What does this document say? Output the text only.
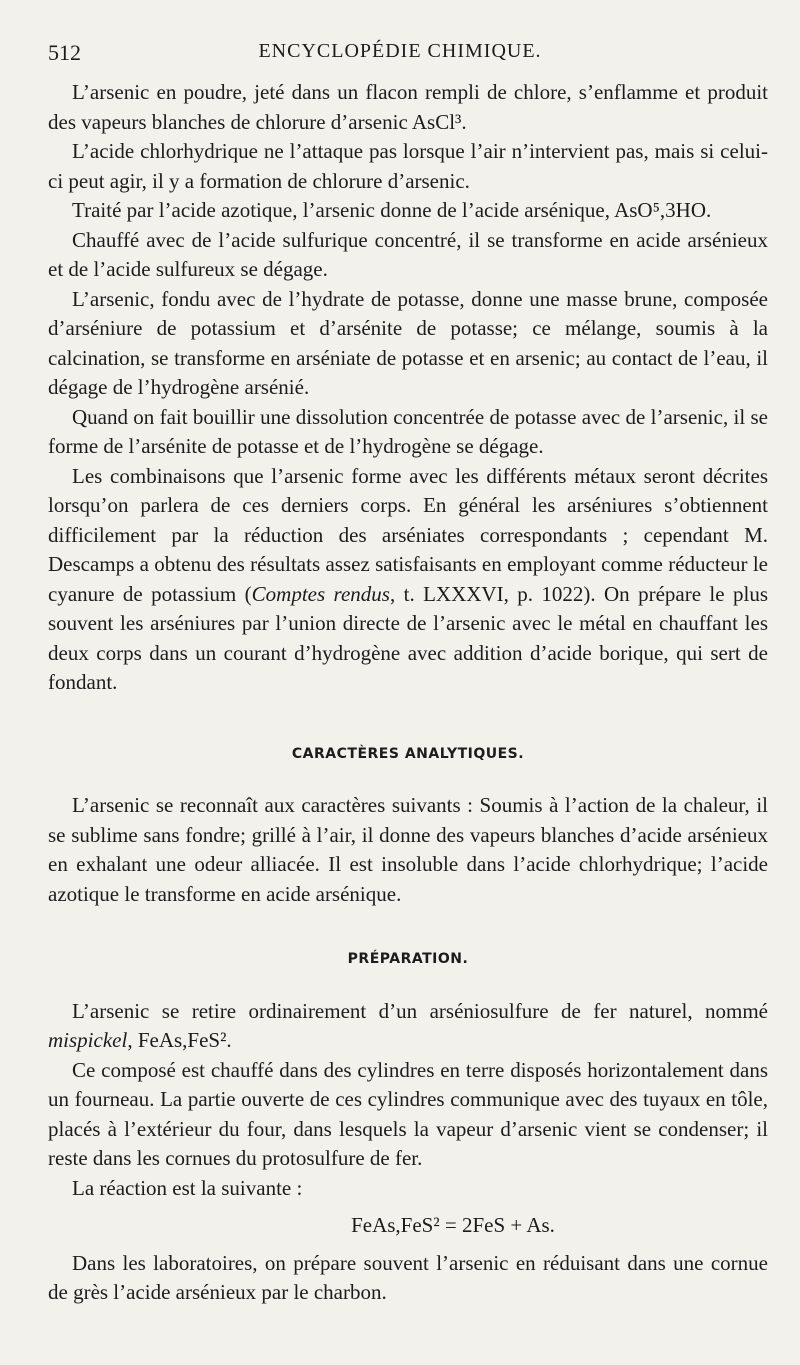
512	ENCYCLOPÉDIE CHIMIQUE.

L’arsenic en poudre, jeté dans un flacon rempli de chlore, s’enflamme et produit des vapeurs blanches de chlorure d’arsenic AsCl³.

L’acide chlorhydrique ne l’attaque pas lorsque l’air n’intervient pas, mais si celui-ci peut agir, il y a formation de chlorure d’arsenic.

Traité par l’acide azotique, l’arsenic donne de l’acide arsénique, AsO⁵,3HO.

Chauffé avec de l’acide sulfurique concentré, il se transforme en acide arsénieux et de l’acide sulfureux se dégage.

L’arsenic, fondu avec de l’hydrate de potasse, donne une masse brune, composée d’arséniure de potassium et d’arsénite de potasse; ce mélange, soumis à la calcination, se transforme en arséniate de potasse et en arsenic; au contact de l’eau, il dégage de l’hydrogène arsénié.

Quand on fait bouillir une dissolution concentrée de potasse avec de l’arsenic, il se forme de l’arsénite de potasse et de l’hydrogène se dégage.

Les combinaisons que l’arsenic forme avec les différents métaux seront décrites lorsqu’on parlera de ces derniers corps. En général les arséniures s’obtiennent difficilement par la réduction des arséniates correspondants ; cependant M. Descamps a obtenu des résultats assez satisfaisants en employant comme réducteur le cyanure de potassium (Comptes rendus, t. LXXXVI, p. 1022). On prépare le plus souvent les arséniures par l’union directe de l’arsenic avec le métal en chauffant les deux corps dans un courant d’hydrogène avec addition d’acide borique, qui sert de fondant.

CARACTÈRES ANALYTIQUES.

L’arsenic se reconnaît aux caractères suivants : Soumis à l’action de la chaleur, il se sublime sans fondre; grillé à l’air, il donne des vapeurs blanches d’acide arsénieux en exhalant une odeur alliacée. Il est insoluble dans l’acide chlorhydrique; l’acide azotique le transforme en acide arsénique.

PRÉPARATION.

L’arsenic se retire ordinairement d’un arséniosulfure de fer naturel, nommé mispickel, FeAs,FeS².

Ce composé est chauffé dans des cylindres en terre disposés horizontalement dans un fourneau. La partie ouverte de ces cylindres communique avec des tuyaux en tôle, placés à l’extérieur du four, dans lesquels la vapeur d’arsenic vient se condenser; il reste dans les cornues du protosulfure de fer.

La réaction est la suivante :

FeAs,FeS² = 2FeS + As.

Dans les laboratoires, on prépare souvent l’arsenic en réduisant dans une cornue de grès l’acide arsénieux par le charbon.
